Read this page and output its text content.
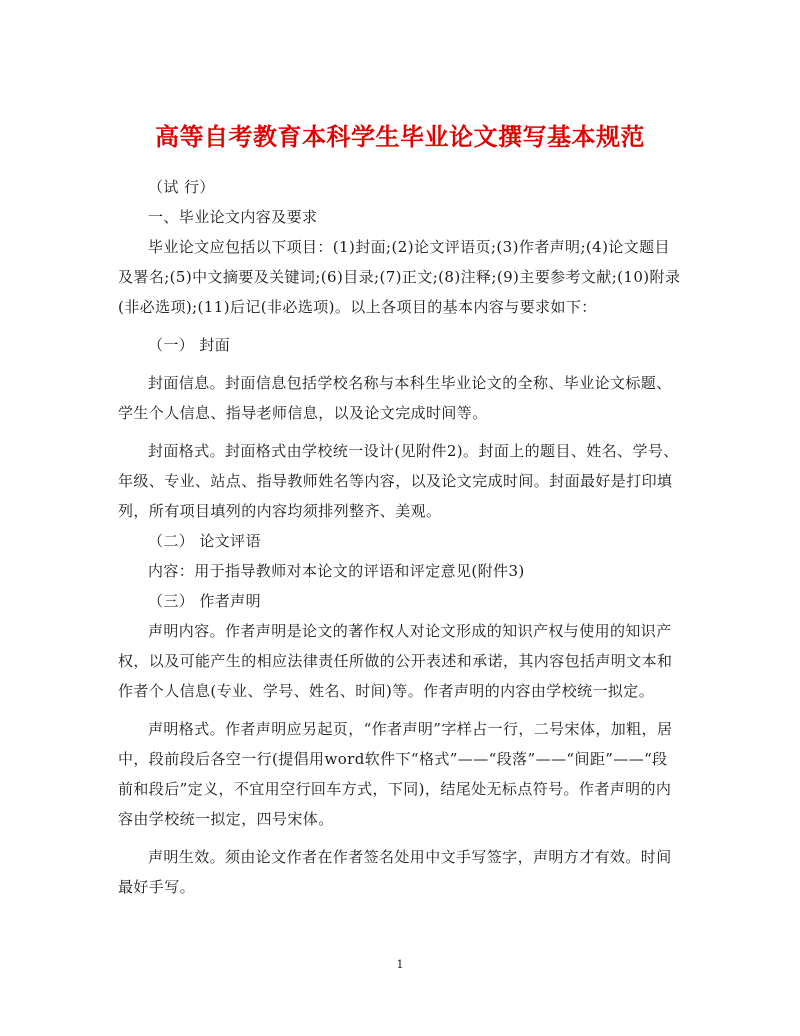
高等自考教育本科学生毕业论文撰写基本规范

（试 行）

一、毕业论文内容及要求

毕业论文应包括以下项目：(1)封面;(2)论文评语页;(3)作者声明;(4)论文题目及署名;(5)中文摘要及关键词;(6)目录;(7)正文;(8)注释;(9)主要参考文献;(10)附录(非必选项);(11)后记(非必选项)。以上各项目的基本内容与要求如下：

（一） 封面

封面信息。封面信息包括学校名称与本科生毕业论文的全称、毕业论文标题、学生个人信息、指导老师信息，以及论文完成时间等。

封面格式。封面格式由学校统一设计(见附件2)。封面上的题目、姓名、学号、年级、专业、站点、指导教师姓名等内容，以及论文完成时间。封面最好是打印填列，所有项目填列的内容均须排列整齐、美观。

（二） 论文评语

内容：用于指导教师对本论文的评语和评定意见(附件3)

（三） 作者声明

声明内容。作者声明是论文的著作权人对论文形成的知识产权与使用的知识产权，以及可能产生的相应法律责任所做的公开表述和承诺，其内容包括声明文本和作者个人信息(专业、学号、姓名、时间)等。作者声明的内容由学校统一拟定。

声明格式。作者声明应另起页，“作者声明”字样占一行，二号宋体，加粗，居中，段前段后各空一行(提倡用word软件下“格式”——“段落”——“间距”——“段前和段后”定义，不宜用空行回车方式，下同)，结尾处无标点符号。作者声明的内容由学校统一拟定，四号宋体。

声明生效。须由论文作者在作者签名处用中文手写签字，声明方才有效。时间最好手写。

1
